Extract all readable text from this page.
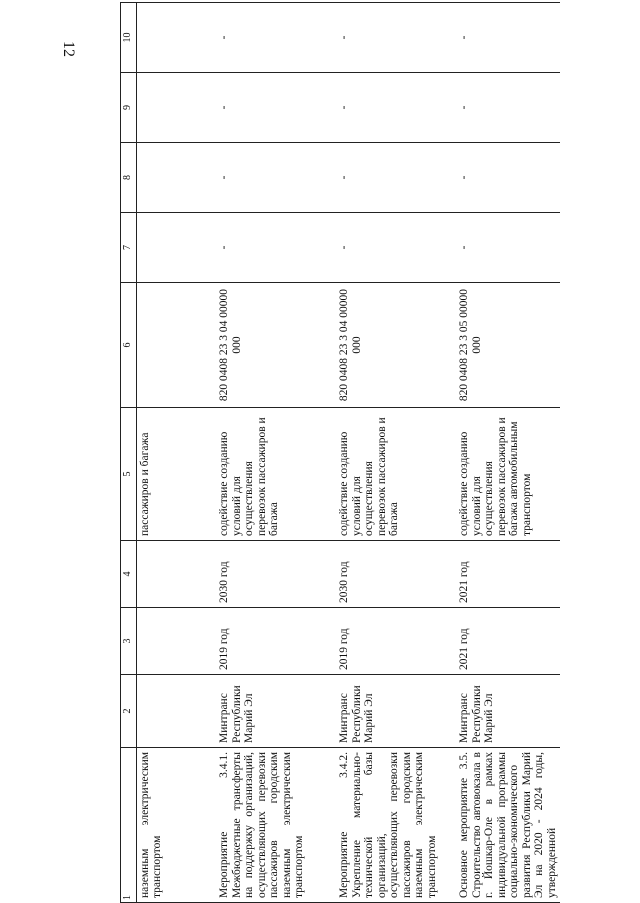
12
1	2	3	4	5	6	7	8	9	10
наземным электрическим транспортом				пассажиров и багажа					
Мероприятие 3.4.1. Межбюджетные трансферты на поддержку организаций, осуществляющих перевозки пассажиров городским наземным электрическим транспортом	Минтранс Республики Марий Эл	2019 год	2030 год	содействие созданию условий для осуществления перевозок пассажиров и багажа	820 0408 23 3 04 00000 000	-	-	-	-
Мероприятие 3.4.2. Укрепление материально-технической базы организаций, осуществляющих перевозки пассажиров городским наземным электрическим транспортом	Минтранс Республики Марий Эл	2019 год	2030 год	содействие созданию условий для осуществления перевозок пассажиров и багажа	820 0408 23 3 04 00000 000	-	-	-	-
Основное мероприятие 3.5. Строительство автовокзала в г. Йошкар-Оле в рамках индивидуальной программы социально-экономического развития Республики Марий Эл на 2020 - 2024 годы, утвержденной	Минтранс Республики Марий Эл	2021 год	2021 год	содействие созданию условий для осуществления перевозок пассажиров и багажа автомобильным транспортом	820 0408 23 3 05 00000 000	-	-	-	-
